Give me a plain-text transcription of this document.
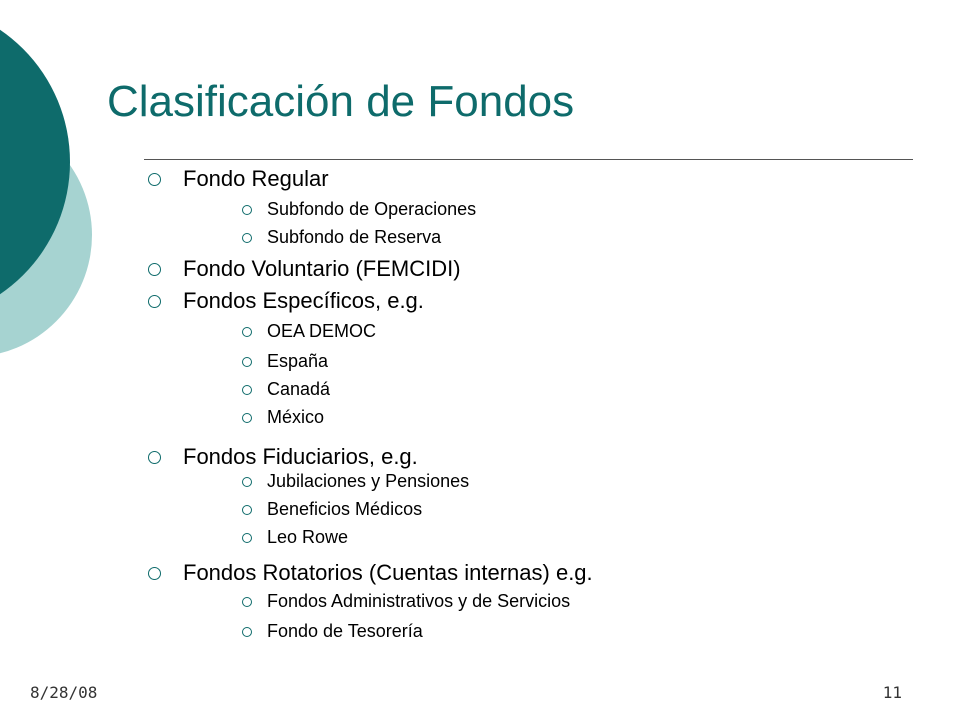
Clasificación de Fondos
Fondo Regular
Subfondo de Operaciones
Subfondo de Reserva
Fondo Voluntario (FEMCIDI)
Fondos Específicos, e.g.
OEA DEMOC
España
Canadá
México
Fondos Fiduciarios, e.g.
Jubilaciones y Pensiones
Beneficios Médicos
Leo Rowe
Fondos Rotatorios (Cuentas internas) e.g.
Fondos Administrativos y de Servicios
Fondo de Tesorería
8/28/08	11
